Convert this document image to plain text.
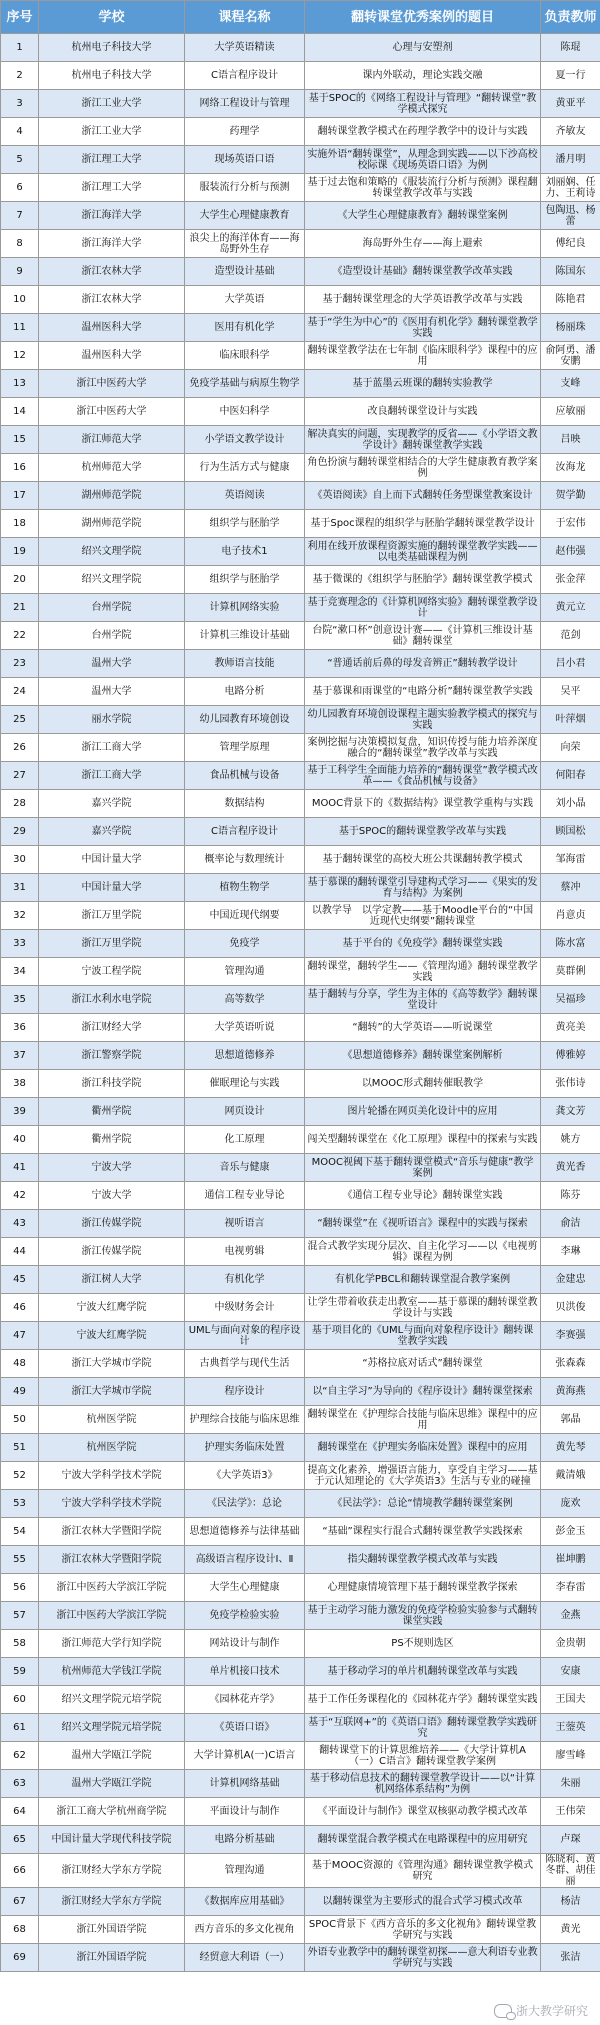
序号	学校	课程名称	翻转课堂优秀案例的题目	负责教师
1	杭州电子科技大学	大学英语精读	心理与安塑剂	陈琨
2	杭州电子科技大学	C语言程序设计	课内外联动，理论实践交融	夏一行
3	浙江工业大学	网络工程设计与管理	基于SPOC的《网络工程设计与管理》“翻转课堂”教学模式探究	黄亚平
4	浙江工业大学	药理学	翻转课堂教学模式在药理学教学中的设计与实践	齐敏友
5	浙江理工大学	现场英语口语	实施外语“翻转课堂”，从理念到实践——以下沙高校校际课《现场英语口语》为例	潘月明
6	浙江理工大学	服装流行分析与预测	基于过去饱和策略的《服装流行分析与预测》课程翻转课堂教学改革与实践	刘丽娴、任力、王莉诗
7	浙江海洋大学	大学生心理健康教育	《大学生心理健康教育》翻转课堂案例	包陶迅、杨蕾
8	浙江海洋大学	浪尖上的海洋体育——海岛野外生存	海岛野外生存——海上避索	傅纪良
9	浙江农林大学	造型设计基础	《造型设计基础》翻转课堂教学改革实践	陈国东
10	浙江农林大学	大学英语	基于翻转课堂理念的大学英语教学改革与实践	陈艳君
11	温州医科大学	医用有机化学	基于“学生为中心”的《医用有机化学》翻转课堂教学实践	杨丽珠
12	温州医科大学	临床眼科学	翻转课堂教学法在七年制《临床眼科学》课程中的应用	俞阿勇、潘安鹏
13	浙江中医药大学	免疫学基础与病原生物学	基于蓝墨云班课的翻转实验教学	支峰
14	浙江中医药大学	中医妇科学	改良翻转课堂设计与实践	应敏丽
15	浙江师范大学	小学语文教学设计	解决真实的问题，实现教学的反省——《小学语文教学设计》翻转课堂教学实践	吕映
16	杭州师范大学	行为生活方式与健康	角色扮演与翻转课堂相结合的大学生健康教育教学案例	汝海龙
17	湖州师范学院	英语阅读	《英语阅读》自上而下式翻转任务型课堂教案设计	贺学勤
18	湖州师范学院	组织学与胚胎学	基于Spoc课程的组织学与胚胎学翻转课堂教学设计	于宏伟
19	绍兴文理学院	电子技术1	利用在线开放课程资源实施的翻转课堂教学实践——以电类基础课程为例	赵伟强
20	绍兴文理学院	组织学与胚胎学	基于微课的《组织学与胚胎学》翻转课堂教学模式	张金萍
21	台州学院	计算机网络实验	基于竞赛理念的《计算机网络实验》翻转课堂教学设计	黄元立
22	台州学院	计算机三维设计基础	台院“漱口杯”创意设计赛——《计算机三维设计基础》翻转课堂	范剑
23	温州大学	教师语言技能	“普通话前后鼻的母发音辨正”翻转教学设计	吕小君
24	温州大学	电路分析	基于慕课和雨课堂的“电路分析”翻转课堂教学实践	吴平
25	丽水学院	幼儿园教育环境创设	幼儿园教育环境创设课程主题实验教学模式的探究与实践	叶萍烟
26	浙江工商大学	管理学原理	案例挖掘与决策模拟复盘，知识传授与能力培养深度融合的“翻转课堂”教学改革与实践	向荣
27	浙江工商大学	食品机械与设备	基于工科学生全面能力培养的“翻转课堂”教学模式改革——《食品机械与设备》	何阳春
28	嘉兴学院	数据结构	MOOC背景下的《数据结构》课堂教学重构与实践	刘小晶
29	嘉兴学院	C语言程序设计	基于SPOC的翻转课堂教学改革与实践	顾国松
30	中国计量大学	概率论与数理统计	基于翻转课堂的高校大班公共课翻转教学模式	邹海雷
31	中国计量大学	植物生物学	基于慕课的翻转课堂引导建构式学习——《果实的发育与结构》为案例	蔡冲
32	浙江万里学院	中国近现代纲要	以教学导　以学定教——基于Moodle平台的“中国近现代史纲要”翻转课堂	肖意贞
33	浙江万里学院	免疫学	基于平台的《免疫学》翻转课堂实践	陈水富
34	宁波工程学院	管理沟通	翻转课堂，翻转学生——《管理沟通》翻转课堂教学实践	莫群俐
35	浙江水利水电学院	高等数学	基于翻转与分享，学生为主体的《高等数学》翻转课堂设计	吴福珍
36	浙江财经大学	大学英语听说	“翻转”的大学英语——听说课堂	黄亮美
37	浙江警察学院	思想道德修养	《思想道德修养》翻转课堂案例解析	傅雅婷
38	浙江科技学院	催眠理论与实践	以MOOC形式翻转催眠教学	张伟诗
39	衢州学院	网页设计	图片轮播在网页美化设计中的应用	龚文芳
40	衢州学院	化工原理	闯关型翻转课堂在《化工原理》课程中的探索与实践	姚方
41	宁波大学	音乐与健康	MOOC视阈下基于翻转课堂模式“音乐与健康”教学案例	黄光香
42	宁波大学	通信工程专业导论	《通信工程专业导论》翻转课堂实践	陈芬
43	浙江传媒学院	视听语言	“翻转课堂”在《视听语言》课程中的实践与探索	俞洁
44	浙江传媒学院	电视剪辑	混合式教学实现分层次、自主化学习——以《电视剪辑》课程为例	李琳
45	浙江树人大学	有机化学	有机化学PBCL和翻转课堂混合教学案例	金建忠
46	宁波大红鹰学院	中级财务会计	让学生带着收获走出教室——基于慕课的翻转课堂教学设计与实践	贝洪俊
47	宁波大红鹰学院	UML与面向对象的程序设计	基于项目化的《UML与面向对象程序设计》翻转课堂教学实践	李赛强
48	浙江大学城市学院	古典哲学与现代生活	“苏格拉底对话式”翻转课堂	张森森
49	浙江大学城市学院	程序设计	以“自主学习”为导向的《程序设计》翻转课堂探索	黄海燕
50	杭州医学院	护理综合技能与临床思维	翻转课堂在《护理综合技能与临床思维》课程中的应用	郭晶
51	杭州医学院	护理实务临床处置	翻转课堂在《护理实务临床处置》课程中的应用	黄先琴
52	宁波大学科学技术学院	《大学英语3》	提高文化素养，增强语言能力，享受自主学习——基于元认知理论的《大学英语3》生活与专业的碰撞	戴清娥
53	宁波大学科学技术学院	《民法学》：总论	《民法学》：总论“情境教学翻转课堂案例	庞欢
54	浙江农林大学暨阳学院	思想道德修养与法律基础	“基础”课程实行混合式翻转课堂教学实践探索	彭金玉
55	浙江农林大学暨阳学院	高级语言程序设计Ⅰ、Ⅱ	指尖翻转课堂教学模式改革与实践	崔坤鹏
56	浙江中医药大学滨江学院	大学生心理健康	心理健康情境管理下基于翻转课堂教学探索	李春雷
57	浙江中医药大学滨江学院	免疫学检验实验	基于主动学习能力激发的免疫学检验实验参与式翻转课堂实践	金燕
58	浙江师范大学行知学院	网站设计与制作	PS不规则选区	金贵朝
59	杭州师范大学钱江学院	单片机接口技术	基于移动学习的单片机翻转课堂改革与实践	安康
60	绍兴文理学院元培学院	《园林花卉学》	基于工作任务课程化的《园林花卉学》翻转课堂实践	王国夫
61	绍兴文理学院元培学院	《英语口语》	基于“互联网+”的《英语口语》翻转课堂教学实践研究	王蓥英
62	温州大学瓯江学院	大学计算机A(一)C语言	翻转课堂下的计算思维培养——《大学计算机A（一）C语言》翻转课堂教学案例	廖雪峰
63	温州大学瓯江学院	计算机网络基础	基于移动信息技术的翻转课堂教学设计——以“计算机网络体系结构”为例	朱丽
64	浙江工商大学杭州商学院	平面设计与制作	《平面设计与制作》课堂双核驱动教学模式改革	王伟荣
65	中国计量大学现代科技学院	电路分析基础	翻转课堂混合教学模式在电路课程中的应用研究	卢琛
66	浙江财经大学东方学院	管理沟通	基于MOOC资源的《管理沟通》翻转课堂教学模式研究	陈晓莉、黄冬群、胡佳丽
67	浙江财经大学东方学院	《数据库应用基础》	以翻转课堂为主要形式的混合式学习模式改革	杨洁
68	浙江外国语学院	西方音乐的多文化视角	SPOC背景下《西方音乐的多文化视角》翻转课堂教学研究与实践	黄光
69	浙江外国语学院	经贸意大利语（一）	外语专业教学中的翻转课堂初探——意大利语专业教学研究与实践	张洁
浙大教学研究
